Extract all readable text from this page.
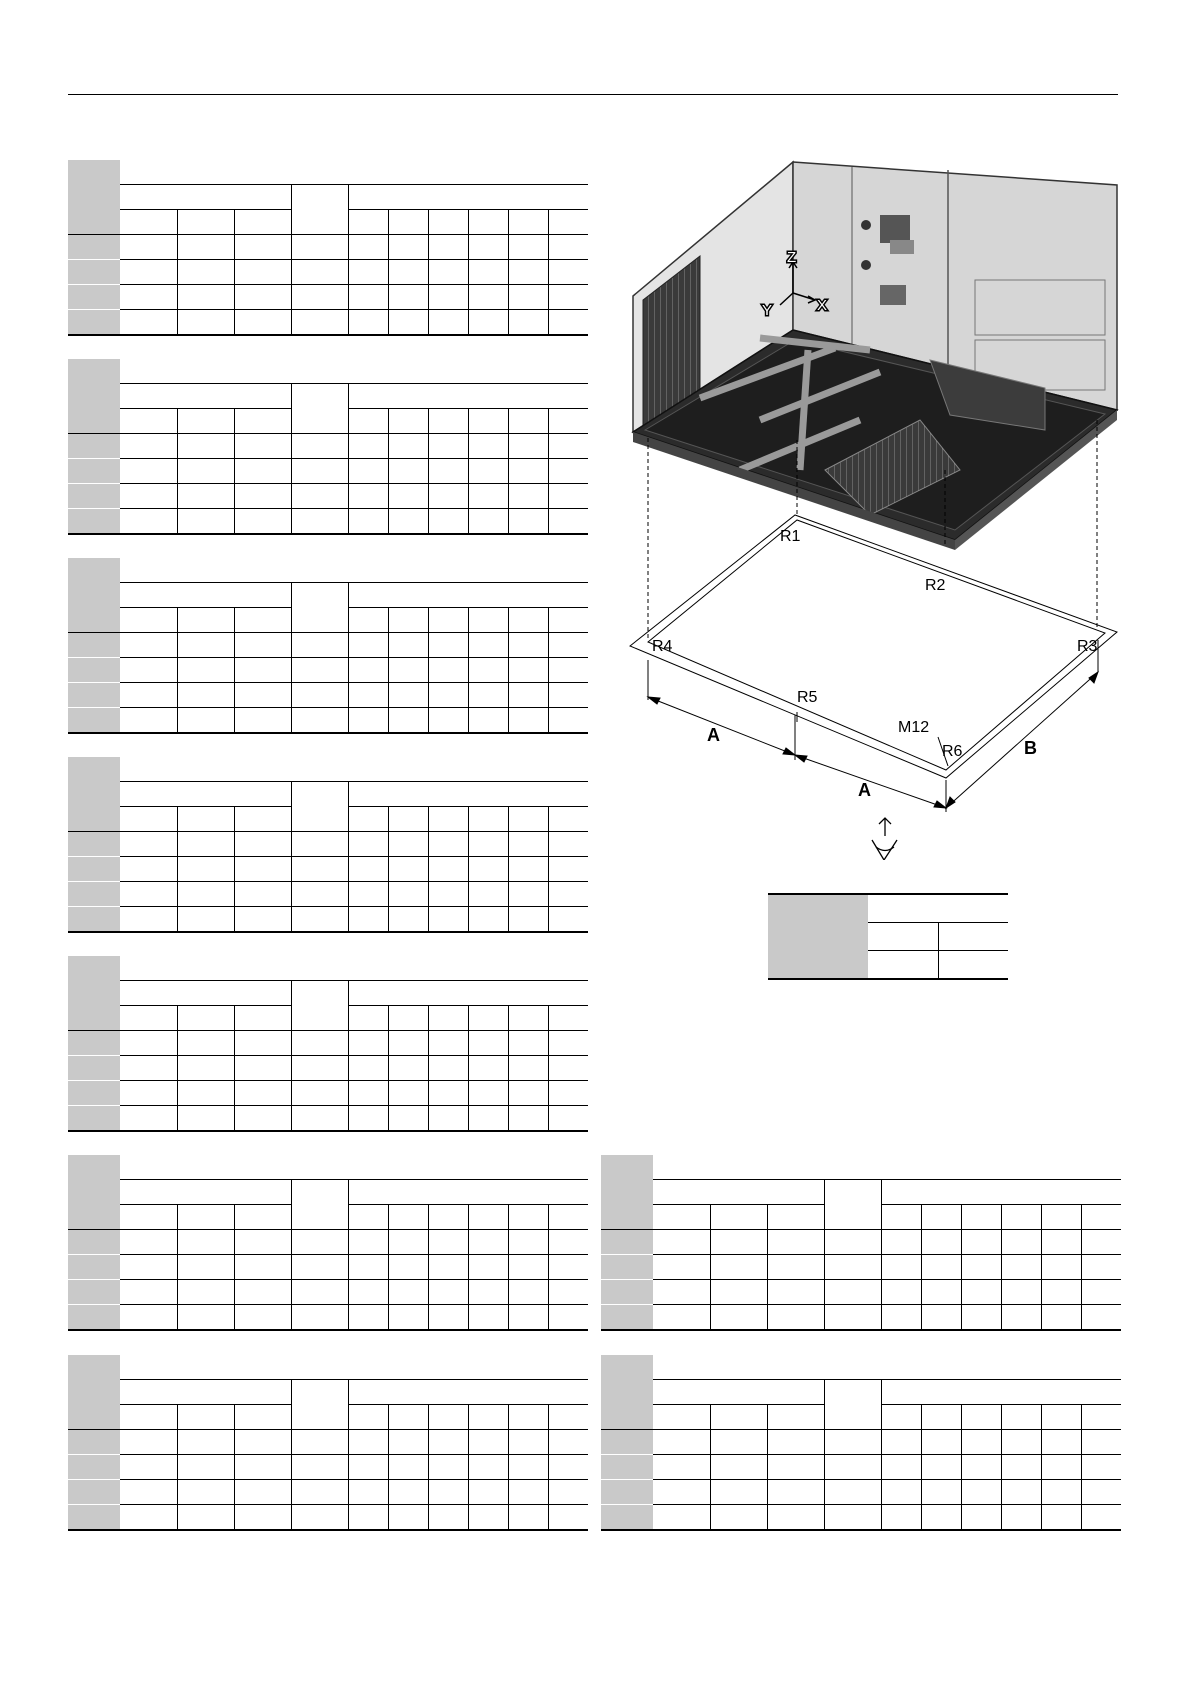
Z
X
Y
R1
R2
R3
R4
R5
R6
M12
A
A
B
